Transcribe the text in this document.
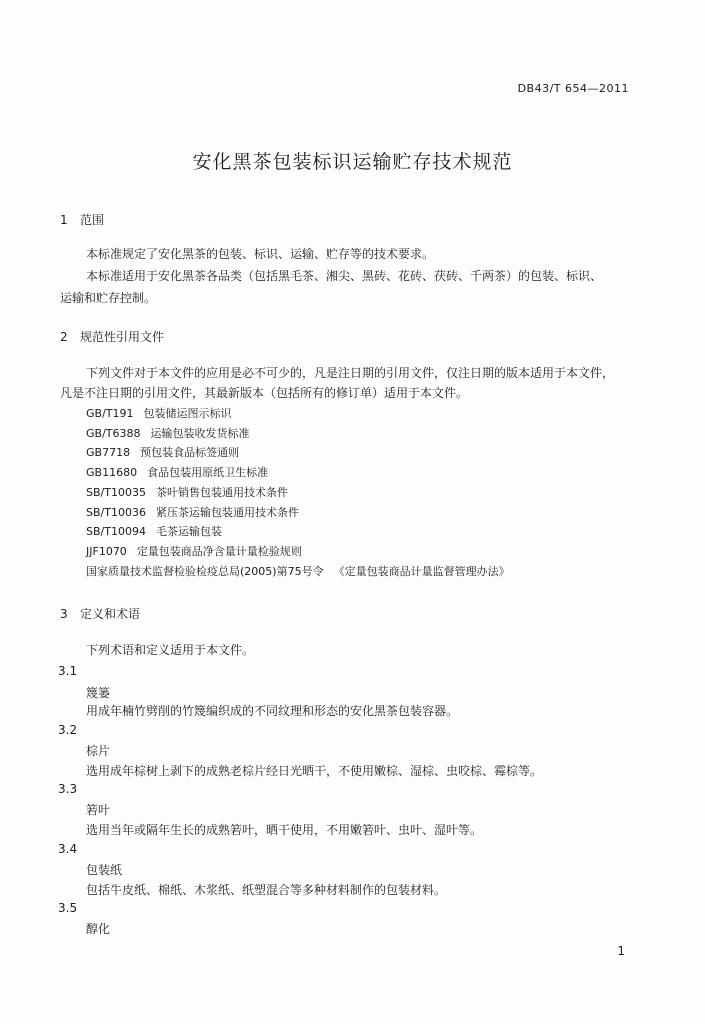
DB43/T 654—2011
安化黑茶包装标识运输贮存技术规范
1 范围
本标准规定了安化黑茶的包装、标识、运输、贮存等的技术要求。
本标准适用于安化黑茶各品类（包括黑毛茶、湘尖、黑砖、花砖、茯砖、千两茶）的包装、标识、
运输和贮存控制。
2 规范性引用文件
下列文件对于本文件的应用是必不可少的，凡是注日期的引用文件，仅注日期的版本适用于本文件，
凡是不注日期的引用文件，其最新版本（包括所有的修订单）适用于本文件。
GB/T191 包装储运图示标识
GB/T6388 运输包装收发货标准
GB7718 预包装食品标签通则
GB11680 食品包装用原纸卫生标准
SB/T10035 茶叶销售包装通用技术条件
SB/T10036 紧压茶运输包装通用技术条件
SB/T10094 毛茶运输包装
JJF1070 定量包装商品净含量计量检验规则
国家质量技术监督检验检疫总局(2005)第75号令 《定量包装商品计量监督管理办法》
3 定义和术语
下列术语和定义适用于本文件。
3.1
篾篓
用成年楠竹劈削的竹篾编织成的不同纹理和形态的安化黑茶包装容器。
3.2
棕片
选用成年棕树上剥下的成熟老棕片经日光晒干，不使用嫩棕、湿棕、虫咬棕、霉棕等。
3.3
箬叶
选用当年或隔年生长的成熟箬叶，晒干使用，不用嫩箬叶、虫叶、湿叶等。
3.4
包装纸
包括牛皮纸、棉纸、木浆纸、纸塑混合等多种材料制作的包装材料。
3.5
醇化
1
